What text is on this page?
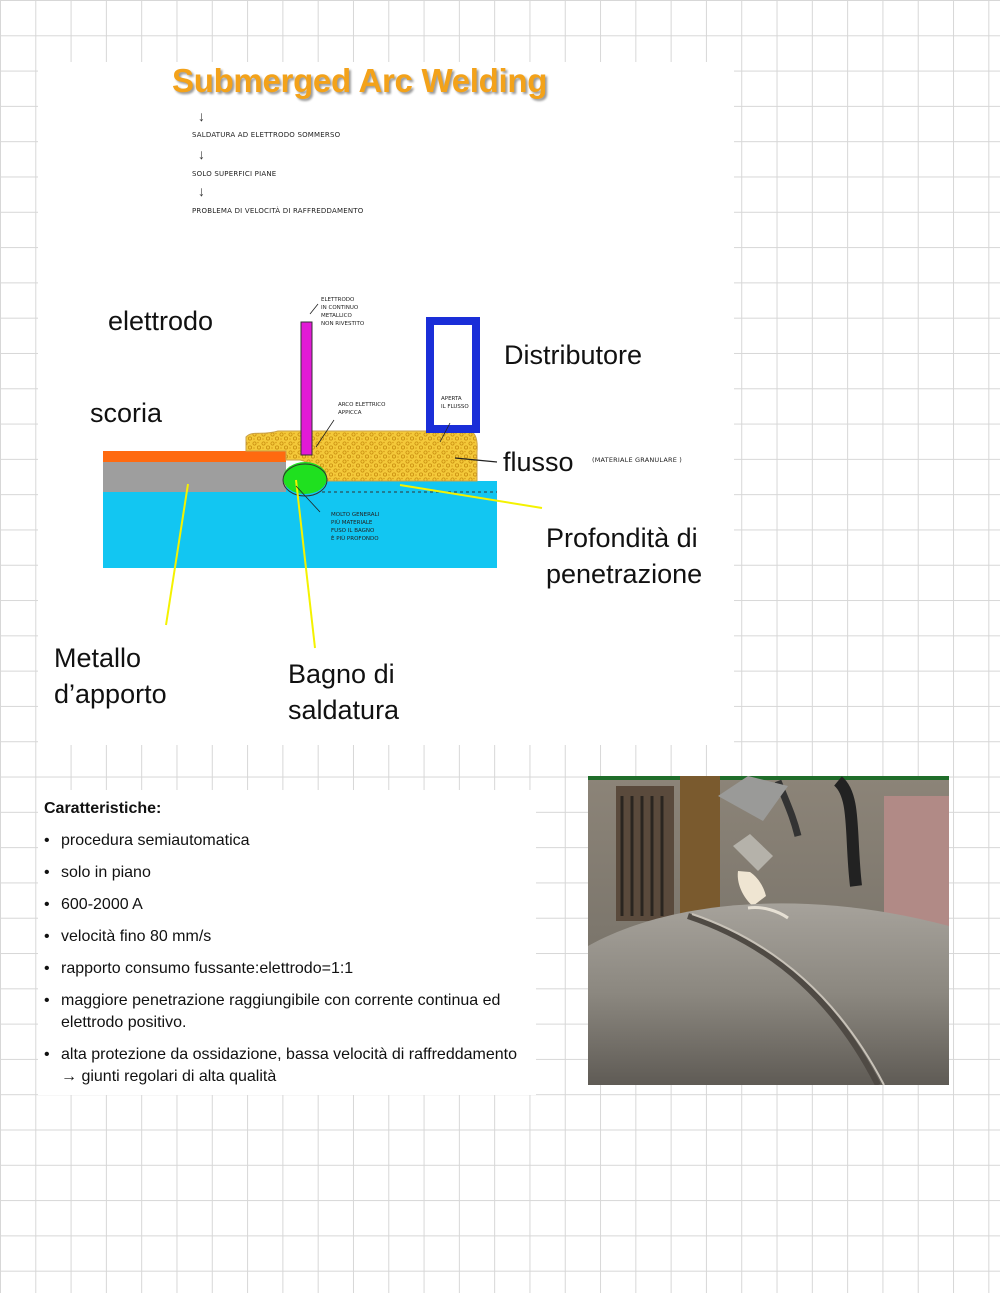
Submerged Arc Welding
↓
SALDATURA AD ELETTRODO SOMMERSO
↓
SOLO SUPERFICI PIANE
↓
PROBLEMA DI VELOCITÀ DI RAFFREDDAMENTO
elettrodo
scoria
Distributore
flusso	(MATERIALE GRANULARE )
Profondità di
penetrazione
Metallo
d’apporto
Bagno di
saldatura
ELETTRODO
IN CONTINUO
METALLICO
NON RIVESTITO
ARCO ELETTRICO
APPICCA
APERTA
IL FLUSSO
MOLTO GENERALI
PIÙ MATERIALE
FUSO IL BAGNO
È PIÙ PROFONDO
Caratteristiche:
• procedura semiautomatica
• solo in piano
• 600-2000 A
• velocità fino 80 mm/s
• rapporto consumo fussante:elettrodo=1:1
• maggiore penetrazione raggiungibile con corrente continua ed elettrodo positivo.
• alta protezione da ossidazione, bassa velocità di raffreddamento → giunti regolari di alta qualità
